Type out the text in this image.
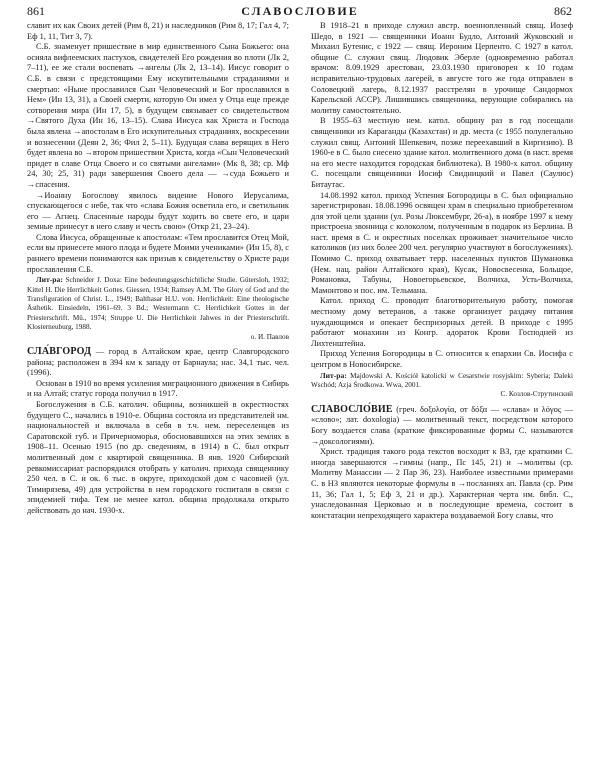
861	СЛАВОСЛОВИЕ	862

славит их как Своих детей (Рим 8, 21) и наследников (Рим 8, 17; Гал 4, 7; Еф 1, 11, Тит 3, 7).

С.Б. знаменует пришествие в мир единственного Сына Божьего: она осияла вифлеемских пастухов, свидетелей Его рождения во плоти (Лк 2, 7–11), ее же стали воспевать →ангелы (Лк 2, 13–14). Иисус говорит о С.Б. в связи с предстоящими Ему искупительными страданиями и смертью: «Ныне прославился Сын Человеческий и Бог прославился в Нем» (Ин 13, 31), а Своей смерти, которую Он имел у Отца еще прежде сотворения мира (Ин 17, 5), в будущем связывает со свидетельством →Святого Духа (Ин 16, 13–15). Слава Иисуса как Христа и Господа была явлена →апостолам в Его искупительных страданиях, воскресении и вознесении (Деян 2, 36; Фил 2, 5–11). Будущая слава верящих в Него будет явлена во →втором пришествии Христа, когда «Сын Человеческий придет в славе Отца Своего и со святыми ангелами» (Мк 8, 38; ср. Мф 24, 30; 25, 31) ради завершения Своего дела — →суда Божьего и →спасения.

→Иоанну Богослову явилось видение Нового Иерусалима, спускающегося с небе, так что «слава Божия осветила его, и светильник его — Агнец. Спасенные народы будут ходить во свете его, и цари земные принесут в него славу и честь свою» (Откр 21, 23–24).

Слова Иисуса, обращенные к апостолам: «Тем прославится Отец Мой, если вы принесете много плода и будете Моими учениками» (Ин 15, 8), с раннего времени понимаются как призыв к свидетельству о Христе ради прославления С.Б.

Лит-ра: Schneider J. Doxa: Eine bedeutungsgeschichtliche Studie. Gütersloh, 1932; Kittel H. Die Herrlichkeit Gottes. Giessen, 1934; Ramsey A.M. The Glory of God and the Transfiguration of Christ. L., 1949; Balthasar H.U. von. Herrlichkeit: Eine theologische Ästhetik. Einsiedeln, 1961–69. 3 Bd.; Westermann C. Herrlichkeit Gottes in der Priesterschrift. Mü., 1974; Struppe U. Die Herrlichkeit Jahwes in der Priesterschrift. Klosterneuburg, 1988.

о. И. Павлов

СЛА́ВГОРОД — город в Алтайском крае, центр Славгородского района; расположен в 394 км к западу от Барнаула; нас. 34,1 тыс. чел. (1996).

Основан в 1910 во время усиления миграционного движения в Сибирь и на Алтай; статус города получил в 1917.

Богослужения в С.Б. католич. общины, возникшей в окрестностях будущего С., начались в 1910-е. Община состояла из представителей нм. национальностей и включала в себя в т.ч. нем. переселенцев из Саратовской губ. и Причерноморья, обосновавшихся на этих землях в 1908–11. Осенью 1915 (по др. сведениям, в 1914) в С. был открыт молитвенный дом с квартирой священника. В янв. 1920 Сибирский ревкомиссариат распорядился отобрать у католич. прихода священнику 250 чел. в С. и ок. 6 тыс. в округе, приходской дом с часовней (ул. Тимирязева, 49) для устройства в нем городского госпиталя в связи с эпидемией тифа. Тем не менее катол. община продолжала открыто действовать до нач. 1930-х.

В 1918–21 в приходе служил австр. военнопленный свящ. Иозеф Шедо, в 1921 — священники Иоанн Будло, Антоний Жуковский и Михаил Бутенис, с 1922 — свящ. Иероним Церпенто. С 1927 в катол. общине С. служил свящ. Людовик Эберле (одновременно работал врачом: 8.09.1929 арестован, 23.03.1930 приговорен к 10 годам исправительно-трудовых лагерей, в августе того же года отправлен в Соловецкий лагерь, 8.12.1937 расстрелян в урочище Сандормох Карельской АССР). Лишившись священника, верующие собирались на молитву самостоятельно.

В 1955–63 местную нем. катол. общину раз в год посещали священники из Караганды (Казахстан) и др. места (с 1955 полулегально служил свящ. Антоний Шепкевич, позже переехавший в Киргизию). В 1960-е в С. было снесено здание катол. молитвенного дома (в наст. время на его месте находится городская библиотека). В 1980-х катол. общину С. посещали священники Иосиф Свидницкий и Павел (Саулюс) Битаутас.

14.08.1992 катол. приход Успения Богородицы в С. был официально зарегистрирован. 18.08.1996 освящен храм в специально приобретенном для этой цели здании (ул. Розы Люксембург, 26-а), в ноябре 1997 к нему пристроена звонница с колоколом, полученным в подарок из Берлина. В наст. время в С. и окрестных поселках проживает значительное число католиков (из них более 200 чел. регулярно участвуют в богослужениях). Помимо С. приход охватывает терр. населенных пунктов Шумановка (Нем. нац. район Алтайского края), Кусак, Новосвесенка, Больщое, Романовка, Табуны, Новоегорьевское, Волчиха, Усть-Волчиха, Мамонтово и пос. им. Тельмана.

Катол. приход С. проводит благотворительную работу, помогая местному дому ветеранов, а также организует раздачу питания нуждающимся и опекает беспризорных детей. В приходе с 1995 работают монахини из Конгр. адораток Крови Господней из Лихтенштейна.

Приход Успения Богородицы в С. относится к епархии Св. Иосифа с центром в Новосибирске.

Лит-ра: Majdowski A. Kościół katolicki w Cesarstwie rosyjskim: Syberia; Daleki Wschód; Azja Środkowa. Wwa, 2001.

С. Козлов-Струтинский

СЛАВОСЛО́ВИЕ (греч. δοξολογία, от δόξα — «слава» и λόγος — «слово»; лат. doxologia) — молитвенный текст, посредством которого Богу воздается слава (краткие фиксированные формы С. называются →доксологиями).

Христ. традиция такого рода текстов восходит к ВЗ, где краткими С. иногда завершаются →гимны (напр., Пс 145, 21) и →молитвы (ср. Молитву Манассии — 2 Пар 36, 23). Наиболее известными примерами С. в НЗ являются некоторые формулы в →посланиях ап. Павла (ср. Рим 11, 36; Гал 1, 5; Еф 3, 21 и др.). Характерная черта нм. библ. С., унаследованная Церковью и в последующие времена, состоит в констатации непреходящего характера воздаваемой Богу славы, что
